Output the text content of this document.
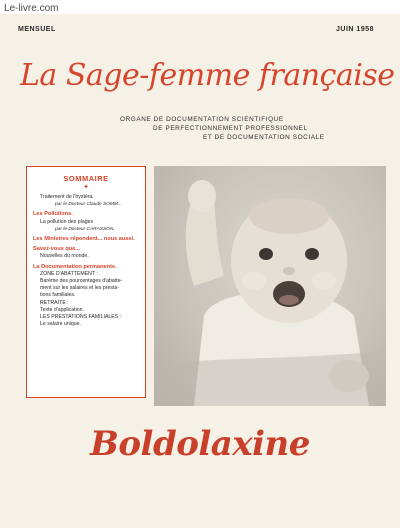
Le-livre.com
MENSUEL	JUIN 1958
La Sage-femme française
ORGANE DE DOCUMENTATION SCIENTIFIQUE
DE PERFECTIONNEMENT PROFESSIONNEL
ET DE DOCUMENTATION SOCIALE
SOMMAIRE
✦
Traitement de l'hystéra.
par le Docteur Claude SOMM...
Les Pollutions.
La pollution des plages
par le Docteur CARASSON.
Les Ministres répondent... nous aussi.
Savez-vous que...
Nouvelles du monde.
La Documentation permanente.
ZONE D'ABATTEMENT :
Barème des pourcentages d'abatte-
ment sur les salaires et les presta-
tions familiales.
RETRAITE :
Texte d'application.
LES PRESTATIONS FAMILIALES :
Le salaire unique.
Boldolaxine
